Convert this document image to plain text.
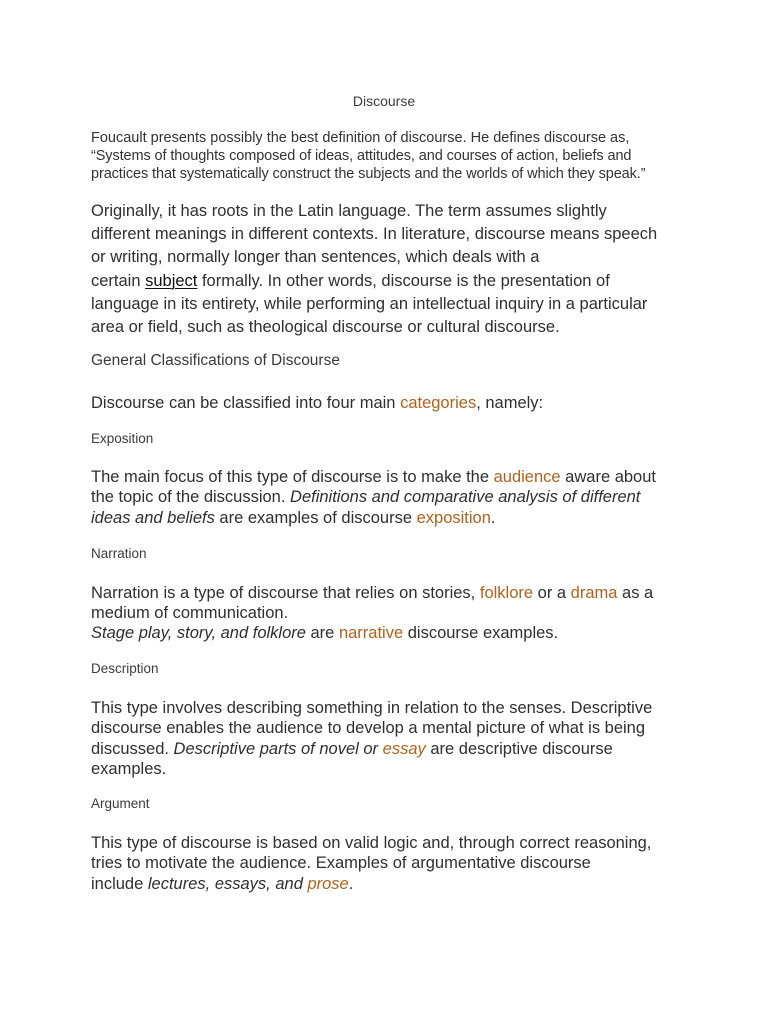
Discourse
Foucault presents possibly the best definition of discourse. He defines discourse as,
“Systems of thoughts composed of ideas, attitudes, and courses of action, beliefs and
practices that systematically construct the subjects and the worlds of which they speak.”
Originally, it has roots in the Latin language. The term assumes slightly
different meanings in different contexts. In literature, discourse means speech
or writing, normally longer than sentences, which deals with a
certain subject formally. In other words, discourse is the presentation of
language in its entirety, while performing an intellectual inquiry in a particular
area or field, such as theological discourse or cultural discourse.
General Classifications of Discourse
Discourse can be classified into four main categories, namely:
Exposition
The main focus of this type of discourse is to make the audience aware about
the topic of the discussion. Definitions and comparative analysis of different
ideas and beliefs are examples of discourse exposition.
Narration
Narration is a type of discourse that relies on stories, folklore or a drama as a
medium of communication.
Stage play, story, and folklore are narrative discourse examples.
Description
This type involves describing something in relation to the senses. Descriptive
discourse enables the audience to develop a mental picture of what is being
discussed. Descriptive parts of novel or essay are descriptive discourse
examples.
Argument
This type of discourse is based on valid logic and, through correct reasoning,
tries to motivate the audience. Examples of argumentative discourse
include lectures, essays, and prose.
